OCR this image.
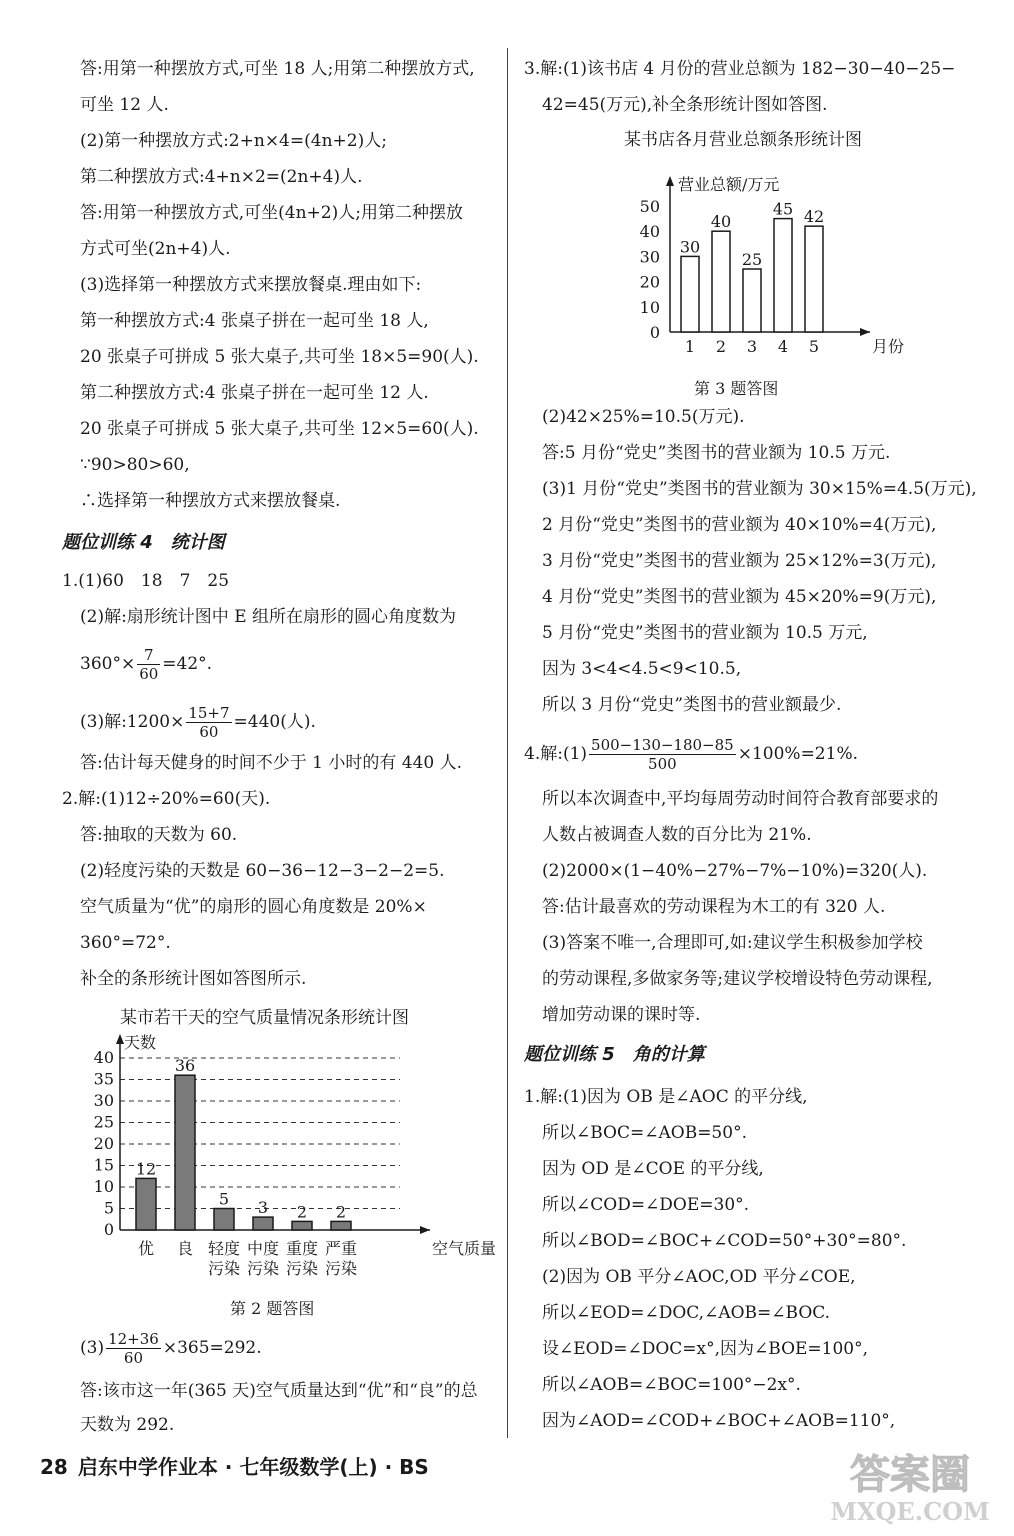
答:用第一种摆放方式,可坐 18 人;用第二种摆放方式,
可坐 12 人.
(2)第一种摆放方式:2+n×4=(4n+2)人;
第二种摆放方式:4+n×2=(2n+4)人.
答:用第一种摆放方式,可坐(4n+2)人;用第二种摆放
方式可坐(2n+4)人.
(3)选择第一种摆放方式来摆放餐桌.理由如下:
第一种摆放方式:4 张桌子拼在一起可坐 18 人,
20 张桌子可拼成 5 张大桌子,共可坐 18×5=90(人).
第二种摆放方式:4 张桌子拼在一起可坐 12 人.
20 张桌子可拼成 5 张大桌子,共可坐 12×5=60(人).
∵90>80>60,
∴选择第一种摆放方式来摆放餐桌.
题位训练 4　统计图
1.(1)60　18　7　25
(2)解:扇形统计图中 E 组所在扇形的圆心角度数为
$360^\circ\times \frac{7}{60} =42^\circ$.
(3)解:1200× $\frac{15+7}{60} =440$(人).
答:估计每天健身的时间不少于 1 小时的有 440 人.
2.解:(1)12÷20%=60(天).
答:抽取的天数为 60.
(2)轻度污染的天数是 60−36−12−3−2−2=5.
空气质量为“优”的扇形的圆心角度数是 20%×
360°=72°.
补全的条形统计图如答图所示.
某市若干天的空气质量情况条形统计图
0
5
10
15
20
25
30
35
40
天数
空气质量
12
优
36
良
5
轻度
污染
3
中度
污染
2
重度
污染
2
严重
污染
第 2 题答图
$(3) \frac{12+36}{60} \times 365=292$.
答:该市这一年(365 天)空气质量达到“优”和“良”的总
天数为 292.
3.解:(1)该书店 4 月份的营业总额为 182−30−40−25−
42=45(万元),补全条形统计图如答图.
某书店各月营业总额条形统计图
0
10
20
30
40
50
营业总额/万元
月份
30
1
40
2
25
3
45
4
42
5
第 3 题答图
(2)42×25%=10.5(万元).
答:5 月份“党史”类图书的营业额为 10.5 万元.
(3)1 月份“党史”类图书的营业额为 30×15%=4.5(万元),
2 月份“党史”类图书的营业额为 40×10%=4(万元),
3 月份“党史”类图书的营业额为 25×12%=3(万元),
4 月份“党史”类图书的营业额为 45×20%=9(万元),
5 月份“党史”类图书的营业额为 10.5 万元,
因为 3<4<4.5<9<10.5,
所以 3 月份“党史”类图书的营业额最少.
4.解:(1) $\frac{500-130-180-85}{500} \times 100\%=21\%$.
所以本次调查中,平均每周劳动时间符合教育部要求的
人数占被调查人数的百分比为 21%.
(2)2000×(1−40%−27%−7%−10%)=320(人).
答:估计最喜欢的劳动课程为木工的有 320 人.
(3)答案不唯一,合理即可,如:建议学生积极参加学校
的劳动课程,多做家务等;建议学校增设特色劳动课程,
增加劳动课的课时等.
题位训练 5　角的计算
1.解:(1)因为 OB 是∠AOC 的平分线,
所以∠BOC=∠AOB=50°.
因为 OD 是∠COE 的平分线,
所以∠COD=∠DOE=30°.
所以∠BOD=∠BOC+∠COD=50°+30°=80°.
(2)因为 OB 平分∠AOC,OD 平分∠COE,
所以∠EOD=∠DOC,∠AOB=∠BOC.
设∠EOD=∠DOC=x°,因为∠BOE=100°,
所以∠AOB=∠BOC=100°−2x°.
因为∠AOD=∠COD+∠BOC+∠AOB=110°,
28 启东中学作业本 · 七年级数学(上) · BS	答案圈
MXQE.COM
